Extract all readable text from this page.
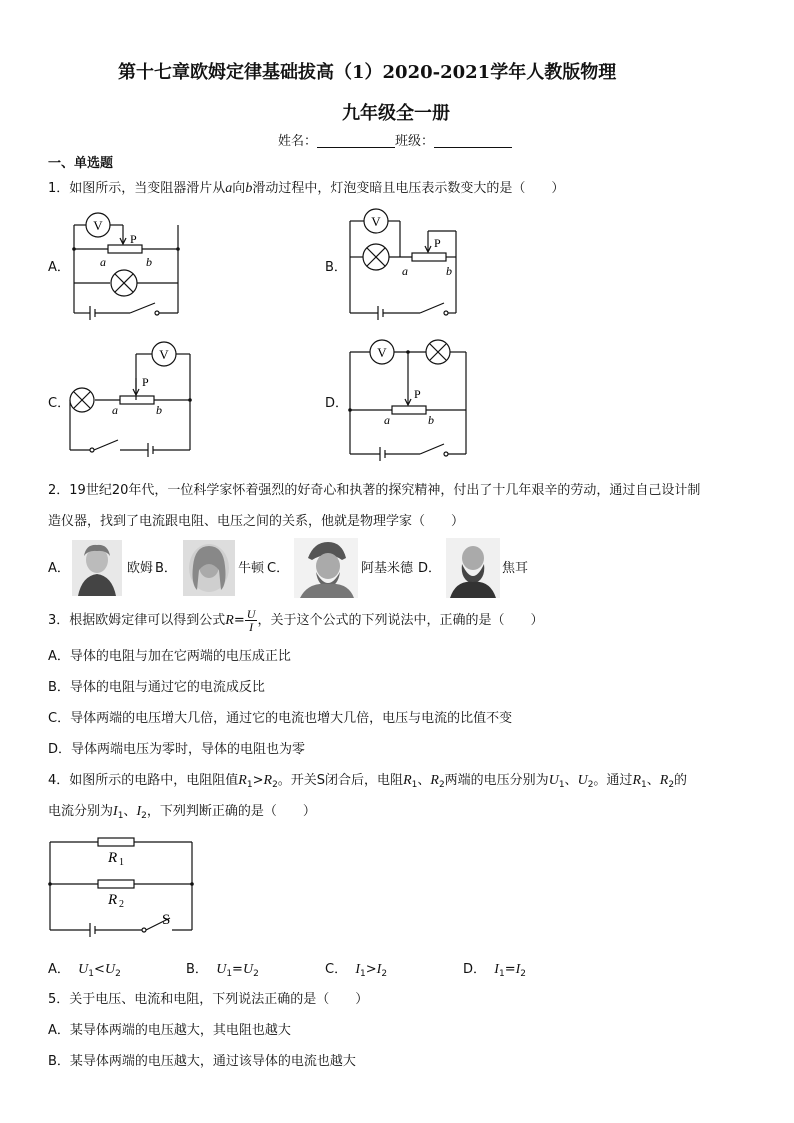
第十七章欧姆定律基础拔高（1）2020-2021学年人教版物理
九年级全一册
姓名：	班级：
一、单选题
1．如图所示，当变阻器滑片从a向b滑动过程中，灯泡变暗且电压表示数变大的是（　　）
A．	B．
C．	D．
V
P
a	b
V
P
a	b
V
P
a	b
V
P
a	b
2．19世纪20年代，一位科学家怀着强烈的好奇心和执著的探究精神，付出了十几年艰辛的劳动，通过自己设计制
造仪器，找到了电流跟电阻、电压之间的关系，他就是物理学家（　　）
A．	欧姆 B．	牛顿 C．	阿基米德 D．	焦耳
3．根据欧姆定律可以得到公式$R= \frac{U}{I}$ ，关于这个公式的下列说法中，正确的是（　　）
A．导体的电阻与加在它两端的电压成正比
B．导体的电阻与通过它的电流成反比
C．导体两端的电压增大几倍，通过它的电流也增大几倍，电压与电流的比值不变
D．导体两端电压为零时，导体的电阻也为零
4．如图所示的电路中，电阻阻值$R_1>R_2$。开关S闭合后，电阻$R_1$、$R_2$两端的电压分别为$U_1$、$U_2$。通过$R_1$、$R_2$的
电流分别为$I_1$、$I_2$，下列判断正确的是（　　）
R 1
R 2
S
A． $U_1<U_2$	B． $U_1=U_2$	C． $I_1>I_2$	D． $I_1=I_2$
5．关于电压、电流和电阻，下列说法正确的是（　　）
A．某导体两端的电压越大，其电阻也越大
B．某导体两端的电压越大，通过该导体的电流也越大
